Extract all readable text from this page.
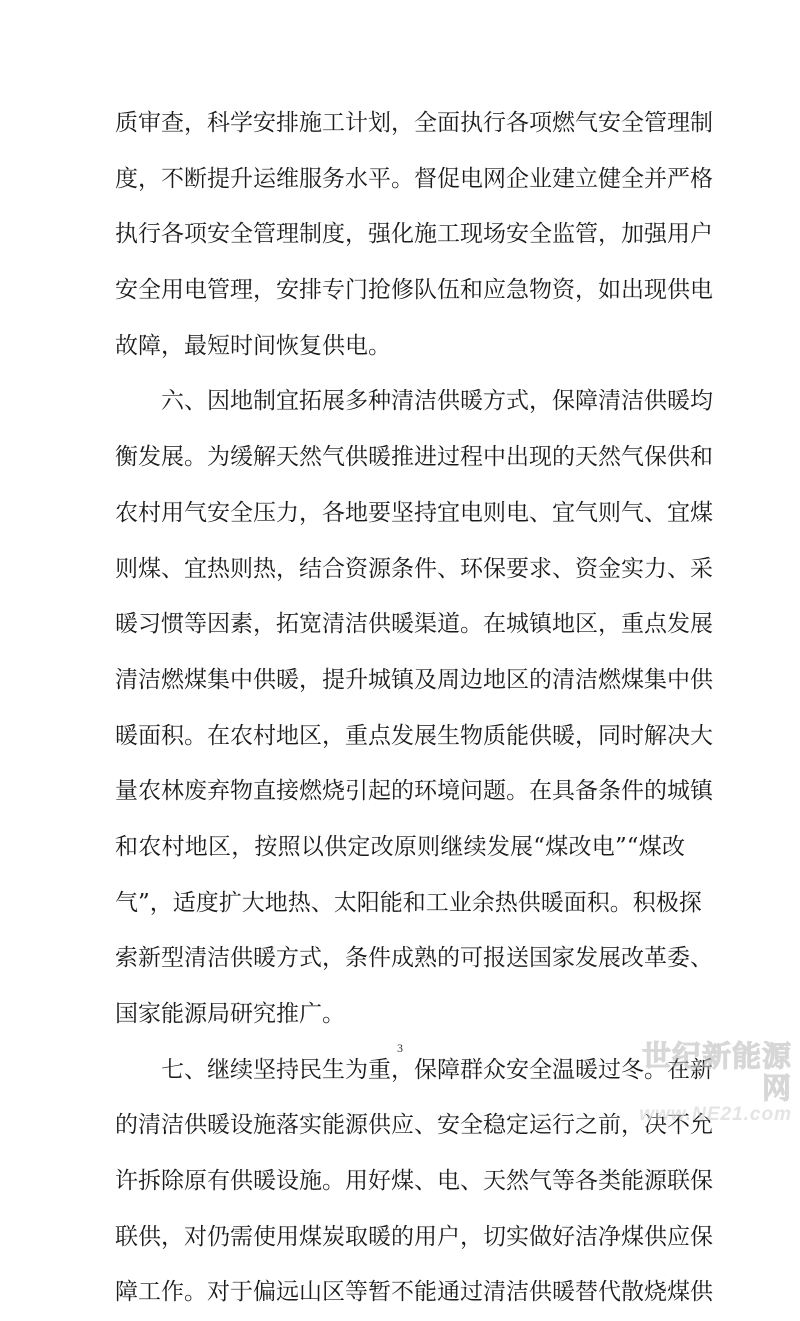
质审查，科学安排施工计划，全面执行各项燃气安全管理制
度，不断提升运维服务水平。督促电网企业建立健全并严格
执行各项安全管理制度，强化施工现场安全监管，加强用户
安全用电管理，安排专门抢修队伍和应急物资，如出现供电
故障，最短时间恢复供电。
六、因地制宜拓展多种清洁供暖方式，保障清洁供暖均
衡发展。为缓解天然气供暖推进过程中出现的天然气保供和
农村用气安全压力，各地要坚持宜电则电、宜气则气、宜煤
则煤、宜热则热，结合资源条件、环保要求、资金实力、采
暖习惯等因素，拓宽清洁供暖渠道。在城镇地区，重点发展
清洁燃煤集中供暖，提升城镇及周边地区的清洁燃煤集中供
暖面积。在农村地区，重点发展生物质能供暖，同时解决大
量农林废弃物直接燃烧引起的环境问题。在具备条件的城镇
和农村地区，按照以供定改原则继续发展“煤改电”“煤改
气”，适度扩大地热、太阳能和工业余热供暖面积。积极探
索新型清洁供暖方式，条件成熟的可报送国家发展改革委、
国家能源局研究推广。
七、继续坚持民生为重，保障群众安全温暖过冬。在新
的清洁供暖设施落实能源供应、安全稳定运行之前，决不允
许拆除原有供暖设施。用好煤、电、天然气等各类能源联保
联供，对仍需使用煤炭取暖的用户，切实做好洁净煤供应保
障工作。对于偏远山区等暂不能通过清洁供暖替代散烧煤供
3	世纪新能源网
www.NE21.com
